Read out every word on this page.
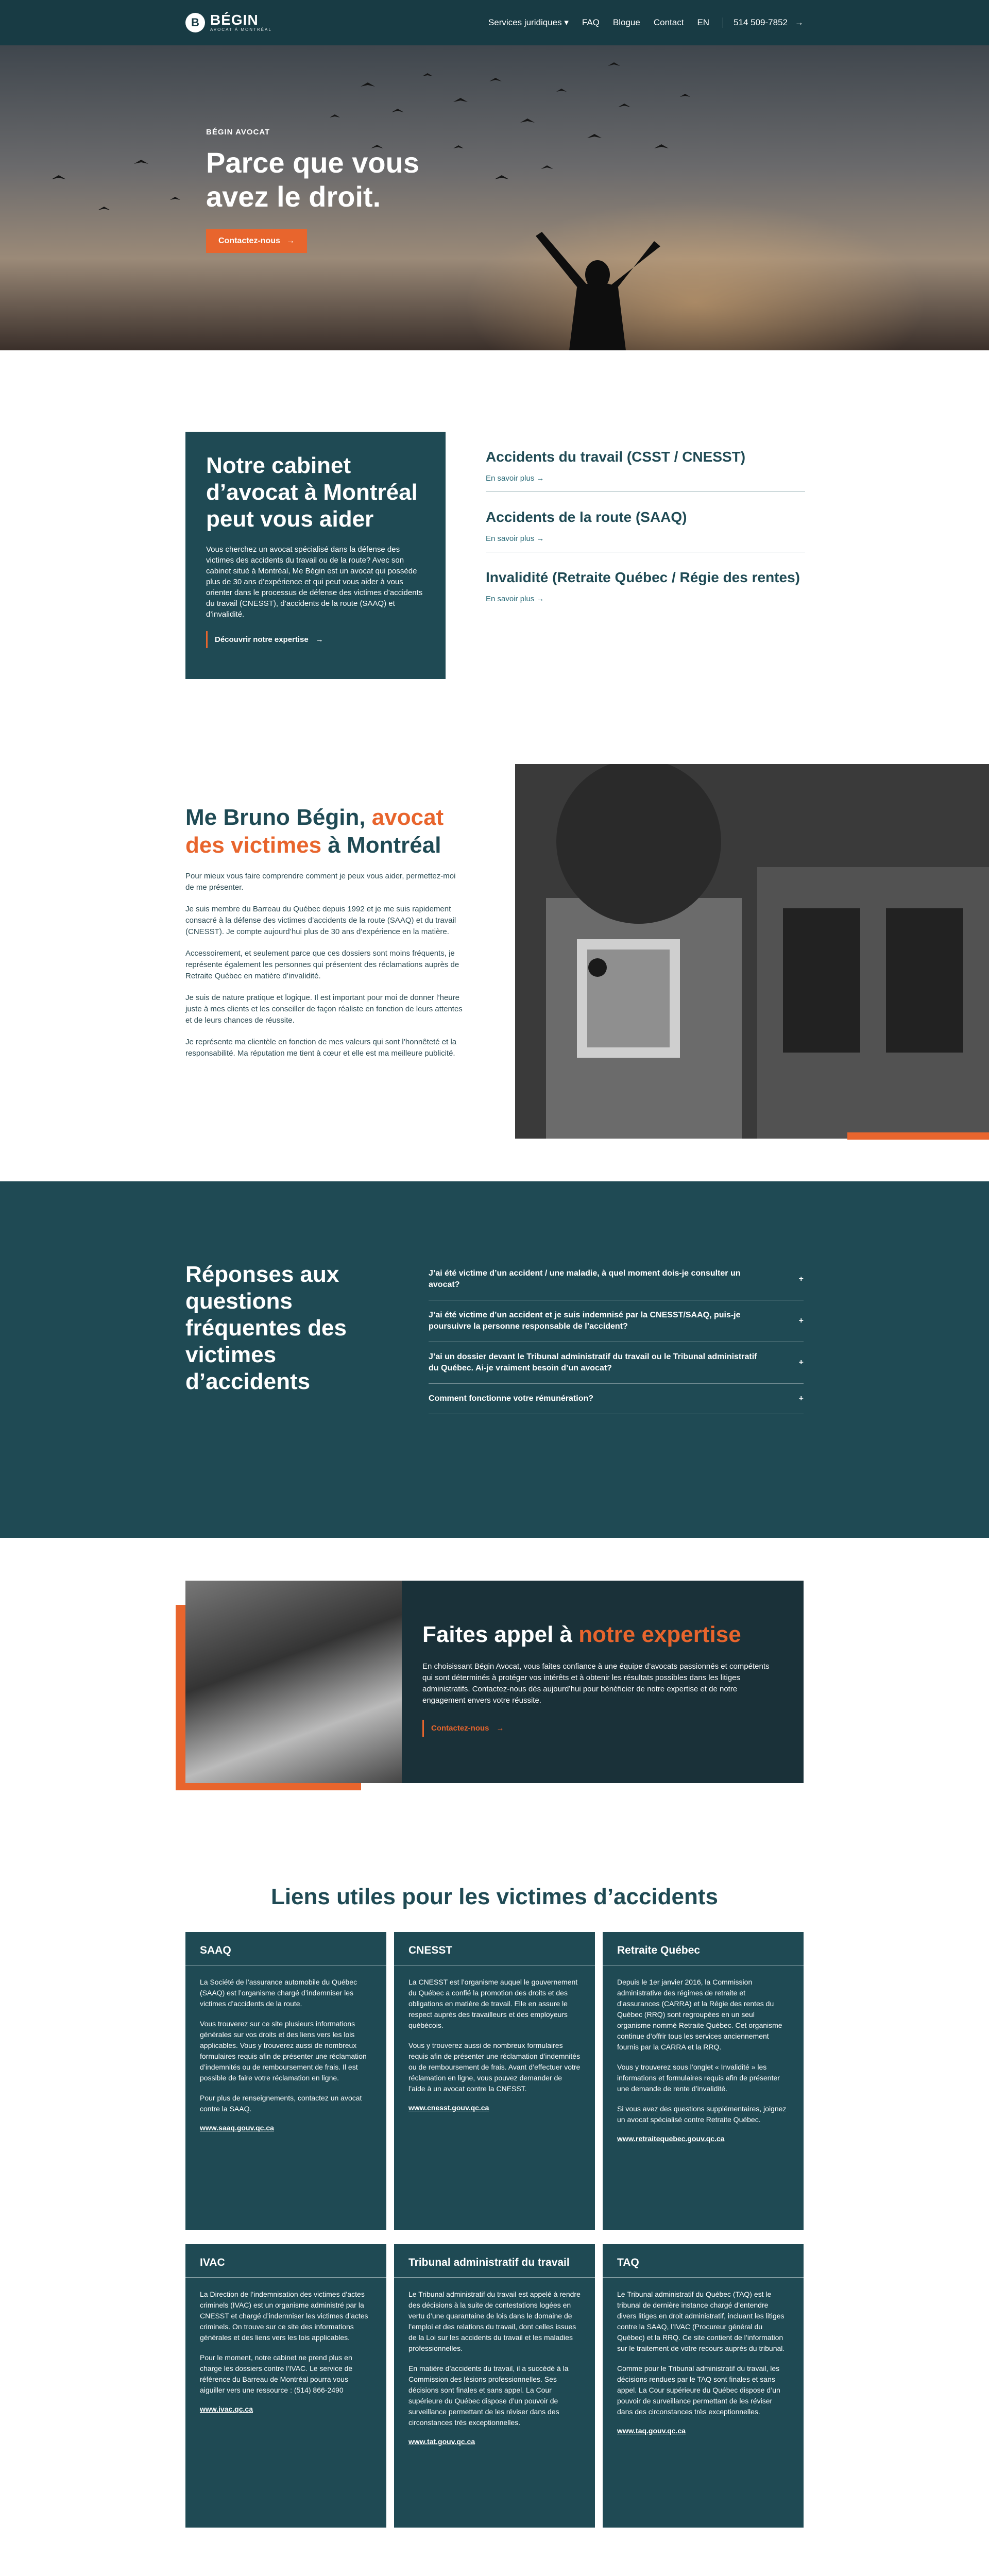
B BÉGIN
AVOCAT À MONTRÉAL
Services juridiques ▾ FAQ Blogue Contact EN	514 509-7852 →
BÉGIN AVOCAT
Parce que vous avez le droit.
Contactez-nous →
Notre cabinet d’avocat à Montréal peut vous aider

Vous cherchez un avocat spécialisé dans la défense des victimes des accidents du travail ou de la route? Avec son cabinet situé à Montréal, Me Bégin est un avocat qui possède plus de 30 ans d’expérience et qui peut vous aider à vous orienter dans le processus de défense des victimes d’accidents du travail (CNESST), d’accidents de la route (SAAQ) et d’invalidité.

Découvrir notre expertise →
Accidents du travail (CSST / CNESST)
En savoir plus →
Accidents de la route (SAAQ)
En savoir plus →
Invalidité (Retraite Québec / Régie des rentes)
En savoir plus →
Me Bruno Bégin, avocat des victimes à Montréal

Pour mieux vous faire comprendre comment je peux vous aider, permettez-moi de me présenter.

Je suis membre du Barreau du Québec depuis 1992 et je me suis rapidement consacré à la défense des victimes d’accidents de la route (SAAQ) et du travail (CNESST). Je compte aujourd’hui plus de 30 ans d’expérience en la matière.

Accessoirement, et seulement parce que ces dossiers sont moins fréquents, je représente également les personnes qui présentent des réclamations auprès de Retraite Québec en matière d’invalidité.

Je suis de nature pratique et logique. Il est important pour moi de donner l’heure juste à mes clients et les conseiller de façon réaliste en fonction de leurs attentes et de leurs chances de réussite.

Je représente ma clientèle en fonction de mes valeurs qui sont l’honnêteté et la responsabilité. Ma réputation me tient à cœur et elle est ma meilleure publicité.

Réponses aux questions fréquentes des victimes d’accidents
J’ai été victime d’un accident / une maladie, à quel moment dois-je consulter un avocat?
+
J’ai été victime d’un accident et je suis indemnisé par la CNESST/SAAQ, puis-je poursuivre la personne responsable de l’accident?
+
J’ai un dossier devant le Tribunal administratif du travail ou le Tribunal administratif du Québec. Ai-je vraiment besoin d’un avocat?
+
Comment fonctionne votre rémunération?	+
Faites appel à notre expertise

En choisissant Bégin Avocat, vous faites confiance à une équipe d’avocats passionnés et compétents qui sont déterminés à protéger vos intérêts et à obtenir les résultats possibles dans les litiges administratifs. Contactez-nous dès aujourd’hui pour bénéficier de notre expertise et de notre engagement envers votre réussite.

Contactez-nous →
Liens utiles pour les victimes d’accidents
SAAQ

La Société de l’assurance automobile du Québec (SAAQ) est l’organisme chargé d’indemniser les victimes d’accidents de la route.

Vous trouverez sur ce site plusieurs informations générales sur vos droits et des liens vers les lois applicables. Vous y trouverez aussi de nombreux formulaires requis afin de présenter une réclamation d’indemnités ou de remboursement de frais. Il est possible de faire votre réclamation en ligne.

Pour plus de renseignements, contactez un avocat contre la SAAQ.

www.saaq.gouv.qc.ca
CNESST

La CNESST est l’organisme auquel le gouvernement du Québec a confié la promotion des droits et des obligations en matière de travail. Elle en assure le respect auprès des travailleurs et des employeurs québécois.

Vous y trouverez aussi de nombreux formulaires requis afin de présenter une réclamation d’indemnités ou de remboursement de frais. Avant d’effectuer votre réclamation en ligne, vous pouvez demander de l’aide à un avocat contre la CNESST.

www.cnesst.gouv.qc.ca
Retraite Québec

Depuis le 1er janvier 2016, la Commission administrative des régimes de retraite et d’assurances (CARRA) et la Régie des rentes du Québec (RRQ) sont regroupées en un seul organisme nommé Retraite Québec. Cet organisme continue d’offrir tous les services anciennement fournis par la CARRA et la RRQ.

Vous y trouverez sous l’onglet « Invalidité » les informations et formulaires requis afin de présenter une demande de rente d’invalidité.

Si vous avez des questions supplémentaires, joignez un avocat spécialisé contre Retraite Québec.

www.retraitequebec.gouv.qc.ca
IVAC

La Direction de l’indemnisation des victimes d’actes criminels (IVAC) est un organisme administré par la CNESST et chargé d’indemniser les victimes d’actes criminels. On trouve sur ce site des informations générales et des liens vers les lois applicables.

Pour le moment, notre cabinet ne prend plus en charge les dossiers contre l’IVAC. Le service de référence du Barreau de Montréal pourra vous aiguiller vers une ressource : (514) 866-2490

www.ivac.qc.ca
Tribunal administratif du travail

Le Tribunal administratif du travail est appelé à rendre des décisions à la suite de contestations logées en vertu d’une quarantaine de lois dans le domaine de l’emploi et des relations du travail, dont celles issues de la Loi sur les accidents du travail et les maladies professionnelles.

En matière d’accidents du travail, il a succédé à la Commission des lésions professionnelles. Ses décisions sont finales et sans appel. La Cour supérieure du Québec dispose d’un pouvoir de surveillance permettant de les réviser dans des circonstances très exceptionnelles.

www.tat.gouv.qc.ca
TAQ

Le Tribunal administratif du Québec (TAQ) est le tribunal de dernière instance chargé d’entendre divers litiges en droit administratif, incluant les litiges contre la SAAQ, l’IVAC (Procureur général du Québec) et la RRQ. Ce site contient de l’information sur le traitement de votre recours auprès du tribunal.

Comme pour le Tribunal administratif du travail, les décisions rendues par le TAQ sont finales et sans appel. La Cour supérieure du Québec dispose d’un pouvoir de surveillance permettant de les réviser dans des circonstances très exceptionnelles.

www.taq.gouv.qc.ca
